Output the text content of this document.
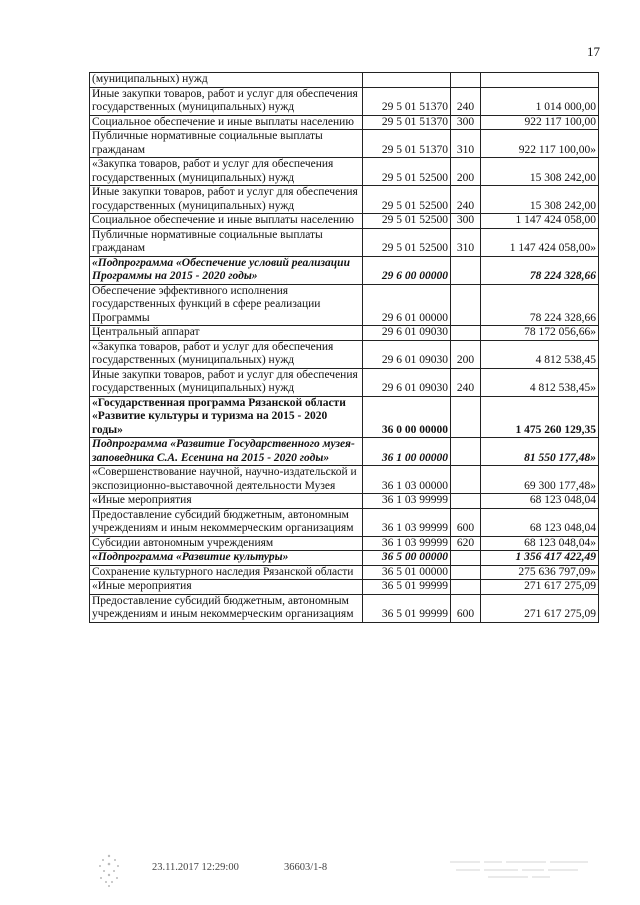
17
(муниципальных) нужд			
Иные закупки товаров, работ и услуг для обеспечения государственных (муниципальных) нужд	29 5 01 51370	240	1 014 000,00
Социальное обеспечение и иные выплаты населению	29 5 01 51370	300	922 117 100,00
Публичные нормативные социальные выплаты гражданам	29 5 01 51370	310	922 117 100,00»
«Закупка товаров, работ и услуг для обеспечения государственных (муниципальных) нужд	29 5 01 52500	200	15 308 242,00
Иные закупки товаров, работ и услуг для обеспечения государственных (муниципальных) нужд	29 5 01 52500	240	15 308 242,00
Социальное обеспечение и иные выплаты населению	29 5 01 52500	300	1 147 424 058,00
Публичные нормативные социальные выплаты гражданам	29 5 01 52500	310	1 147 424 058,00»
«Подпрограмма «Обеспечение условий реализации Программы на 2015 - 2020 годы»	29 6 00 00000		78 224 328,66
Обеспечение эффективного исполнения государственных функций в сфере реализации Программы	29 6 01 00000		78 224 328,66
Центральный аппарат	29 6 01 09030		78 172 056,66»
«Закупка товаров, работ и услуг для обеспечения государственных (муниципальных) нужд	29 6 01 09030	200	4 812 538,45
Иные закупки товаров, работ и услуг для обеспечения государственных (муниципальных) нужд	29 6 01 09030	240	4 812 538,45»
«Государственная программа Рязанской области «Развитие культуры и туризма на 2015 - 2020 годы»	36 0 00 00000		1 475 260 129,35
Подпрограмма «Развитие Государственного музея-заповедника С.А. Есенина на 2015 - 2020 годы»	36 1 00 00000		81 550 177,48»
«Совершенствование научной, научно-издательской и экспозиционно-выставочной деятельности Музея	36 1 03 00000		69 300 177,48»
«Иные мероприятия	36 1 03 99999		68 123 048,04
Предоставление субсидий бюджетным, автономным учреждениям и иным некоммерческим организациям	36 1 03 99999	600	68 123 048,04
Субсидии автономным учреждениям	36 1 03 99999	620	68 123 048,04»
«Подпрограмма «Развитие культуры»	36 5 00 00000		1 356 417 422,49
Сохранение культурного наследия Рязанской области	36 5 01 00000		275 636 797,09»
«Иные мероприятия	36 5 01 99999		271 617 275,09
Предоставление субсидий бюджетным, автономным учреждениям и иным некоммерческим организациям	36 5 01 99999	600	271 617 275,09
23.11.2017 12:29:00	36603/1-8
